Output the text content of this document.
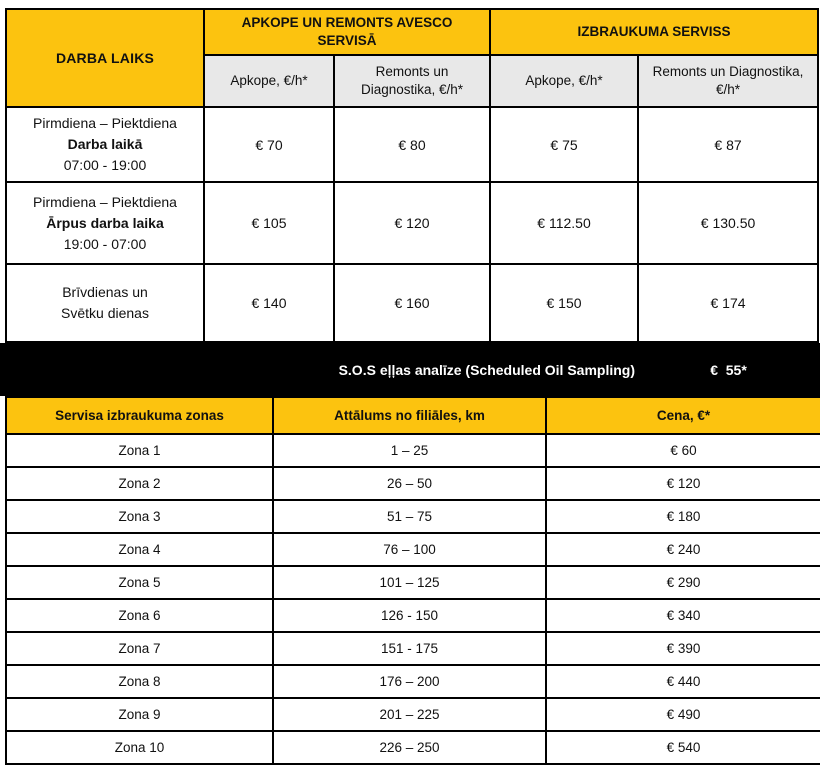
DARBA LAIKS	APKOPE UN REMONTS AVESCO SERVISĀ		IZBRAUKUMA SERVISS	
	Apkope, €/h*	Remonts un Diagnostika, €/h*	Apkope, €/h*	Remonts un Diagnostika, €/h*

Pirmdiena – Piektdiena
Darba laikā
07:00 - 19:00	€ 70	€ 80	€ 75	€ 87

Pirmdiena – Piektdiena
Ārpus darba laika
19:00 - 07:00	€ 105	€ 120	€ 112.50	€ 130.50

Brīvdienas un
Svētku dienas	€ 140	€ 160	€ 150	€ 174
S.O.S eļļas analīze (Scheduled Oil Sampling)	€  55*
Servisa izbraukuma zonas	Attālums no filiāles, km	Cena, €*
Zona 1	1 – 25	€ 60
Zona 2	26 – 50	€ 120
Zona 3	51 – 75	€ 180
Zona 4	76 – 100	€ 240
Zona 5	101 – 125	€ 290
Zona 6	126 - 150	€ 340
Zona 7	151 - 175	€ 390
Zona 8	176 – 200	€ 440
Zona 9	201 – 225	€ 490
Zona 10	226 – 250	€ 540
